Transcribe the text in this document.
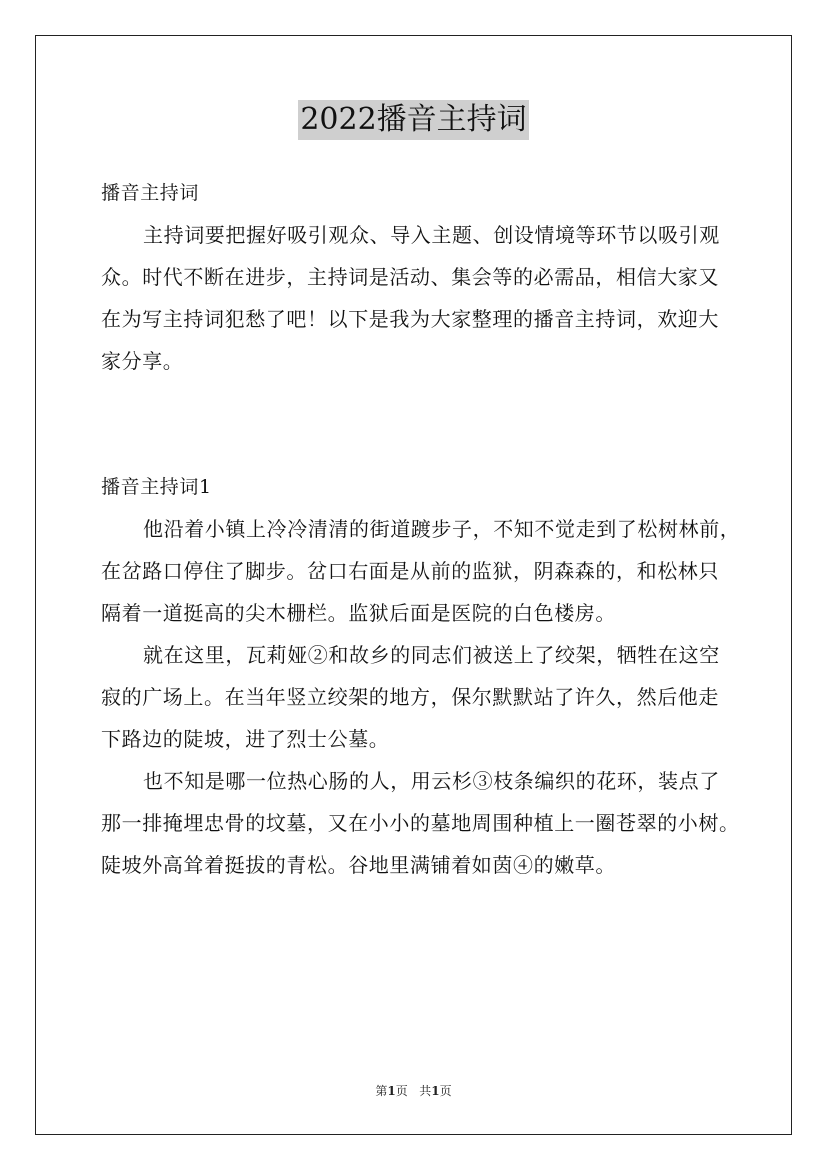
2022播音主持词
播音主持词
主持词要把握好吸引观众、导入主题、创设情境等环节以吸引观
众。时代不断在进步，主持词是活动、集会等的必需品，相信大家又
在为写主持词犯愁了吧！以下是我为大家整理的播音主持词，欢迎大
家分享。
播音主持词1
他沿着小镇上冷冷清清的街道踱步子，不知不觉走到了松树林前，
在岔路口停住了脚步。岔口右面是从前的监狱，阴森森的，和松林只
隔着一道挺高的尖木栅栏。监狱后面是医院的白色楼房。
就在这里，瓦莉娅②和故乡的同志们被送上了绞架，牺牲在这空
寂的广场上。在当年竖立绞架的地方，保尔默默站了许久，然后他走
下路边的陡坡，进了烈士公墓。
也不知是哪一位热心肠的人，用云杉③枝条编织的花环，装点了
那一排掩埋忠骨的坟墓，又在小小的墓地周围种植上一圈苍翠的小树。
陡坡外高耸着挺拔的青松。谷地里满铺着如茵④的嫩草。
第1页 共1页
